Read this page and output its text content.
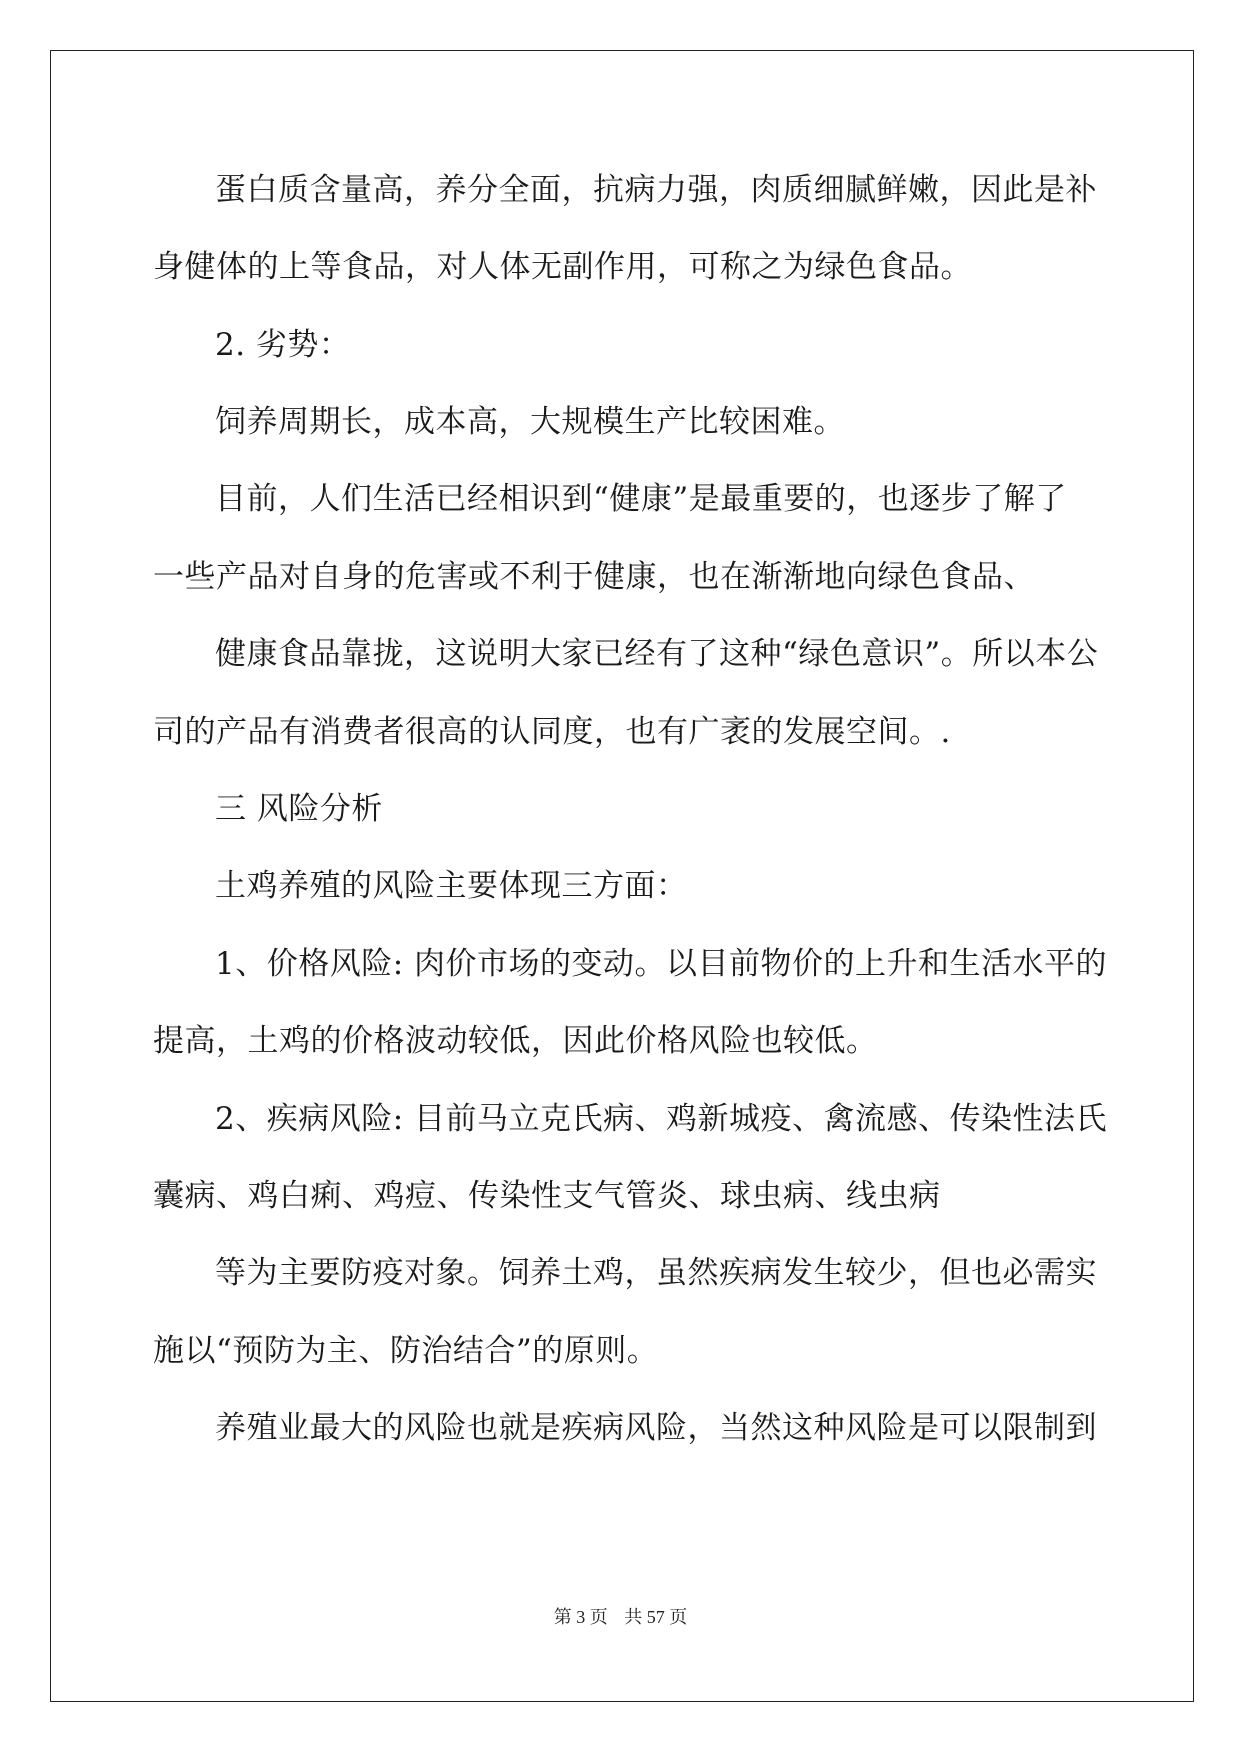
蛋白质含量高，养分全面，抗病力强，肉质细腻鲜嫩，因此是补
身健体的上等食品，对人体无副作用，可称之为绿色食品。
2. 劣势：
饲养周期长，成本高，大规模生产比较困难。
目前，人们生活已经相识到“健康”是最重要的，也逐步了解了
一些产品对自身的危害或不利于健康，也在渐渐地向绿色食品、
健康食品靠拢，这说明大家已经有了这种“绿色意识”。所以本公
司的产品有消费者很高的认同度，也有广袤的发展空间。.
三 风险分析
土鸡养殖的风险主要体现三方面：
1、价格风险: 肉价市场的变动。以目前物价的上升和生活水平的
提高，土鸡的价格波动较低，因此价格风险也较低。
2、疾病风险: 目前马立克氏病、鸡新城疫、禽流感、传染性法氏
囊病、鸡白痢、鸡痘、传染性支气管炎、球虫病、线虫病
等为主要防疫对象。饲养土鸡，虽然疾病发生较少，但也必需实
施以“预防为主、防治结合”的原则。
养殖业最大的风险也就是疾病风险，当然这种风险是可以限制到
第 3 页 共 57 页
